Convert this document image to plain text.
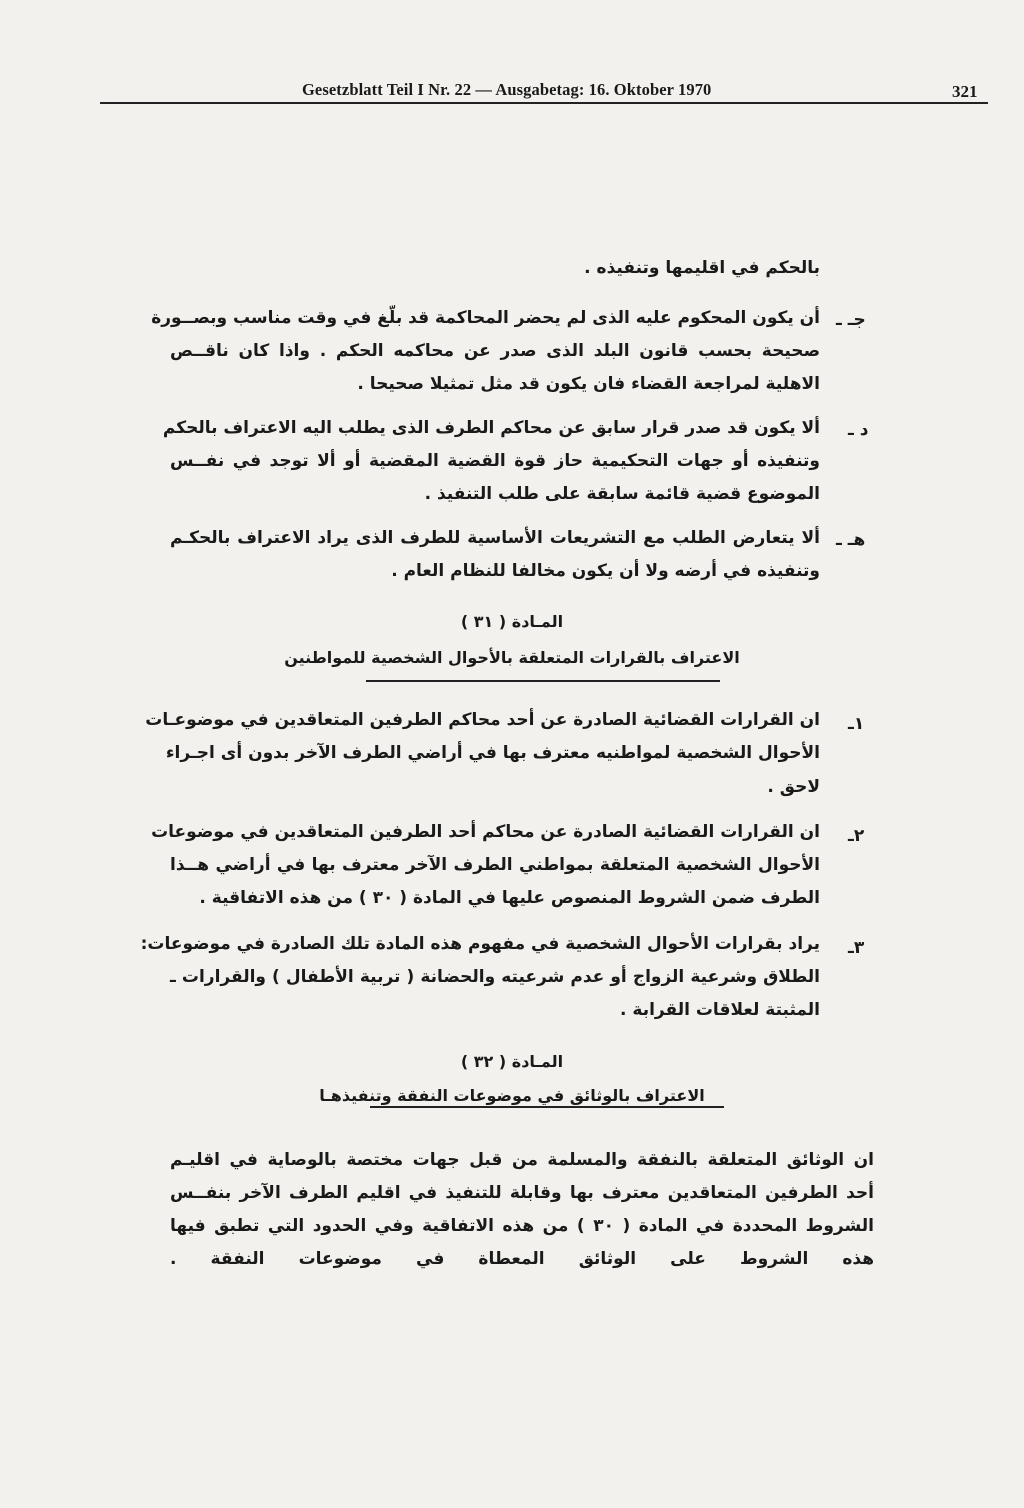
Gesetzblatt Teil I Nr. 22 — Ausgabetag: 16. Oktober 1970	321
بالحكم في اقليمها وتنفيذه .
جـ ـ
أن يكون المحكوم عليه الذى لم يحضر المحاكمة قد بلّغ في وقت مناسب وبصــورة
صحيحة بحسب قانون البلد الذى صدر عن محاكمه الحكم . واذا كان ناقــص
الاهلية لمراجعة القضاء فان يكون قد مثل تمثيلا صحيحا .
د ـ
ألا يكون قد صدر قرار سابق عن محاكم الطرف الذى يطلب اليه الاعتراف بالحكم
وتنفيذه أو جهات التحكيمية حاز قوة القضية المقضية أو ألا توجد في نفــس
الموضوع قضية قائمة سابقة على طلب التنفيذ .
هـ ـ
ألا يتعارض الطلب مع التشريعات الأساسية للطرف الذى يراد الاعتراف بالحكـم
وتنفيذه في أرضه ولا أن يكون مخالفا للنظام العام .
المـادة ( ٣١ )
الاعتراف بالقرارات المتعلقة بالأحوال الشخصية للمواطنين
١ـ
ان القرارات القضائية الصادرة عن أحد محاكم الطرفين المتعاقدين في موضوعـات
الأحوال الشخصية لمواطنيه معترف بها في أراضي الطرف الآخر بدون أى اجـراء
لاحق .
٢ـ
ان القرارات القضائية الصادرة عن محاكم أحد الطرفين المتعاقدين في موضوعات
الأحوال الشخصية المتعلقة بمواطني الطرف الآخر معترف بها في أراضي هــذا
الطرف ضمن الشروط المنصوص عليها في المادة ( ٣٠ ) من هذه الاتفاقية .
٣ـ
يراد بقرارات الأحوال الشخصية في مفهوم هذه المادة تلك الصادرة في موضوعات:
الطلاق وشرعية الزواج أو عدم شرعيته والحضانة ( تربية الأطفال ) والقرارات ـ
المثبتة لعلاقات القرابة .
المـادة ( ٣٢ )
الاعتراف بالوثائق في موضوعات النفقة وتنفيذهـا
ان الوثائق المتعلقة بالنفقة والمسلمة من قبل جهات مختصة بالوصاية في اقليـم
أحد الطرفين المتعاقدين معترف بها وقابلة للتنفيذ في اقليم الطرف الآخر بنفــس
الشروط المحددة في المادة ( ٣٠ ) من هذه الاتفاقية وفي الحدود التي تطبق فيها
هذه الشروط على الوثائق المعطاة في موضوعات النفقة .
